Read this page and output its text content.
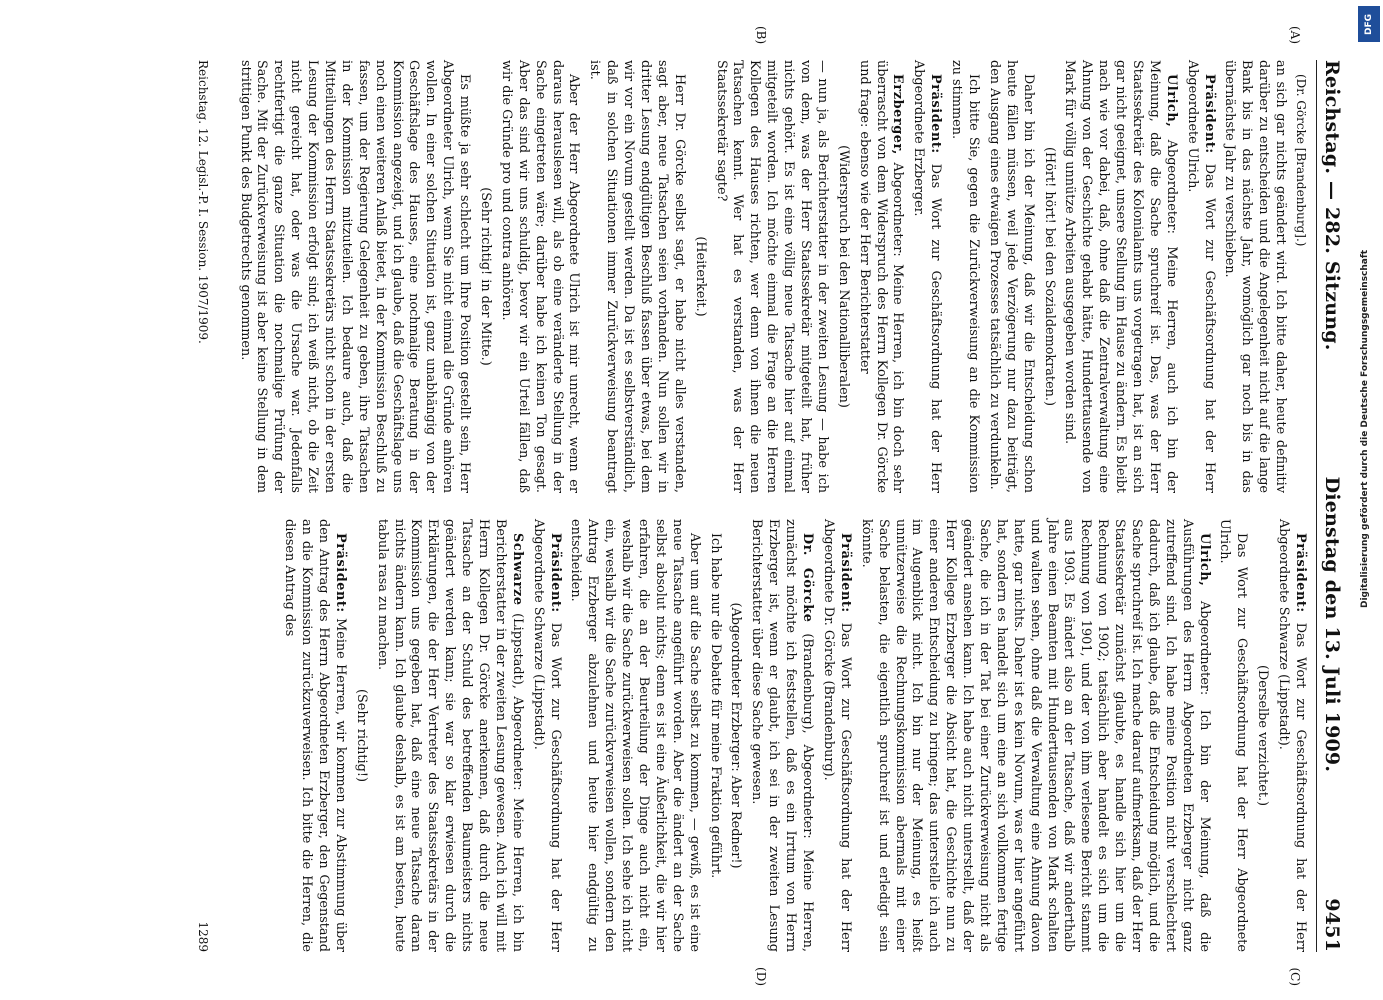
Reichstag. — 282. Sitzung.
Dienstag den 13. Juli 1909.
9451
(A)
(B)

(Dr. Görcke [Brandenburg].)

an sich gar nichts geändert wird. Ich bitte daher, heute definitiv darüber zu entscheiden und die Angelegenheit nicht auf die lange Bank bis in das nächste Jahr, womöglich gar noch bis in das übernächste Jahr zu verschieben.

Präsident: Das Wort zur Geschäftsordnung hat der Herr Abgeordnete Ulrich.

Ulrich, Abgeordneter: Meine Herren, auch ich bin der Meinung, daß die Sache spruchreif ist. Das, was der Herr Staatssekretär des Kolonialamts uns vorgetragen hat, ist an sich gar nicht geeignet, unsere Stellung im Hause zu ändern. Es bleibt nach wie vor dabei, daß, ohne daß die Zentralverwaltung eine Ahnung von der Geschichte gehabt hätte, Hunderttausende von Mark für völlig unnütze Arbeiten ausgegeben worden sind.

(Hört! hört! bei den Sozialdemokraten.)

Daher bin ich der Meinung, daß wir die Entscheidung schon heute fällen müssen, weil jede Verzögerung nur dazu beiträgt, den Ausgang eines etwaigen Prozesses tatsächlich zu verdunkeln.

Ich bitte Sie, gegen die Zurückverweisung an die Kommission zu stimmen.

Präsident: Das Wort zur Geschäftsordnung hat der Herr Abgeordnete Erzberger.

Erzberger, Abgeordneter: Meine Herren, ich bin doch sehr überrascht von dem Widerspruch des Herrn Kollegen Dr. Görcke und frage: ebenso wie der Herr Berichterstatter

(Widerspruch bei den Nationalliberalen)

— nun ja, als Berichterstatter in der zweiten Lesung — habe ich von dem, was der Herr Staatssekretär mitgeteilt hat, früher nichts gehört. Es ist eine völlig neue Tatsache hier auf einmal mitgeteilt worden. Ich möchte einmal die Frage an die Herren Kollegen des Hauses richten, wer denn von ihnen die neuen Tatsachen kennt. Wer hat es verstanden, was der Herr Staatssekretär sagte?

(Heiterkeit.)

Herr Dr. Görcke selbst sagt, er habe nicht alles verstanden, sagt aber, neue Tatsachen seien vorhanden. Nun sollen wir in dritter Lesung endgültigen Beschluß fassen über etwas, bei dem wir vor ein Novum gestellt werden. Da ist es selbstverständlich, daß in solchen Situationen immer Zurückverweisung beantragt ist.

Aber der Herr Abgeordnete Ulrich ist mir unrecht, wenn er daraus herauslesen will, als ob eine veränderte Stellung in der Sache eingetreten wäre; darüber habe ich keinen Ton gesagt. Aber das sind wir uns schuldig, bevor wir ein Urteil fällen, daß wir die Gründe pro und contra anhören.

(Sehr richtig! in der Mitte.)

Es müßte ja sehr schlecht um Ihre Position gestellt sein, Herr Abgeordneter Ulrich, wenn Sie nicht einmal die Gründe anhören wollen. In einer solchen Situation ist, ganz unabhängig von der Geschäftslage des Hauses, eine nochmalige Beratung in der Kommission angezeigt, und ich glaube, daß die Geschäftslage uns noch einen weiteren Anlaß bietet, in der Kommission Beschluß zu fassen, um der Regierung Gelegenheit zu geben, ihre Tatsachen in der Kommission mitzuteilen. Ich bedaure auch, daß die Mitteilungen des Herrn Staatssekretärs nicht schon in der ersten Lesung der Kommission erfolgt sind; ich weiß nicht, ob die Zeit nicht gereicht hat, oder was die Ursache war. Jedenfalls rechtfertigt die ganze Situation die nochmalige Prüfung der Sache. Mit der Zurückverweisung ist aber keine Stellung in dem strittigen Punkt des Budgetrechts genommen.

(C)
(D)

Präsident: Das Wort zur Geschäftsordnung hat der Herr Abgeordnete Schwarze (Lippstadt).

(Derselbe verzichtet.)

Das Wort zur Geschäftsordnung hat der Herr Abgeordnete Ulrich.

Ulrich, Abgeordneter: Ich bin der Meinung, daß die Ausführungen des Herrn Abgeordneten Erzberger nicht ganz zutreffend sind. Ich habe meine Position nicht verschlechtert dadurch, daß ich glaube, daß die Entscheidung möglich, und die Sache spruchreif ist. Ich mache darauf aufmerksam, daß der Herr Staatssekretär zunächst glaubte, es handle sich hier um die Rechnung von 1902; tatsächlich aber handelt es sich um die Rechnung von 1901, und der von ihm verlesene Bericht stammt aus 1903. Es ändert also an der Tatsache, daß wir anderthalb Jahre einen Beamten mit Hunderttausenden von Mark schalten und walten sehen, ohne daß die Verwaltung eine Ahnung davon hatte, gar nichts. Daher ist es kein Novum, was er hier angeführt hat, sondern es handelt sich um eine an sich vollkommen fertige Sache, die ich in der Tat bei einer Zurückverweisung nicht als geändert ansehen kann. Ich habe auch nicht unterstellt, daß der Herr Kollege Erzberger die Absicht hat, die Geschichte nun zu einer anderen Entscheidung zu bringen; das unterstelle ich auch im Augenblick nicht. Ich bin nur der Meinung, es heißt unnützerweise die Rechnungskommission abermals mit einer Sache belasten, die eigentlich spruchreif ist und erledigt sein könnte.

Präsident: Das Wort zur Geschäftsordnung hat der Herr Abgeordnete Dr. Görcke (Brandenburg).

Dr. Görcke (Brandenburg), Abgeordneter: Meine Herren, zunächst möchte ich feststellen, daß es ein Irrtum von Herrn Erzberger ist, wenn er glaubt, ich sei in der zweiten Lesung Berichterstatter über diese Sache gewesen.

(Abgeordneter Erzberger: Aber Redner!)

Ich habe nur die Debatte für meine Fraktion geführt.

Aber um auf die Sache selbst zu kommen, — gewiß, es ist eine neue Tatsache angeführt worden. Aber die ändert an der Sache selbst absolut nichts; denn es ist eine Äußerlichkeit, die wir hier erfahren, die an der Beurteilung der Dinge auch nicht ein, weshalb wir die Sache zurückverweisen sollen. Ich sehe ich nicht ein, weshalb wir die Sache zurückverweisen wollen, sondern den Antrag Erzberger abzulehnen und heute hier endgültig zu entscheiden.

Präsident: Das Wort zur Geschäftsordnung hat der Herr Abgeordnete Schwarze (Lippstadt).

Schwarze (Lippstadt), Abgeordneter: Meine Herren, ich bin Berichterstatter in der zweiten Lesung gewesen. Auch ich will mit Herrn Kollegen Dr. Görcke anerkennen, daß durch die neue Tatsache an der Schuld des betreffenden Baumeisters nichts geändert werden kann; sie war so klar erwiesen durch die Erklärungen, die der Herr Vertreter des Staatssekretärs in der Kommission uns gegeben hat, daß eine neue Tatsache daran nichts ändern kann. Ich glaube deshalb, es ist am besten, heute tabula rasa zu machen.

(Sehr richtig!)

Präsident: Meine Herren, wir kommen zur Abstimmung über den Antrag des Herrn Abgeordneten Erzberger, den Gegenstand an die Kommission zurückzuverweisen. Ich bitte die Herren, die diesen Antrag des

Reichstag. 12. Legisl.-P. I. Session. 1907/1909.
1289
DFG
Digitalisierung gefördert durch die Deutsche Forschungsgemeinschaft
